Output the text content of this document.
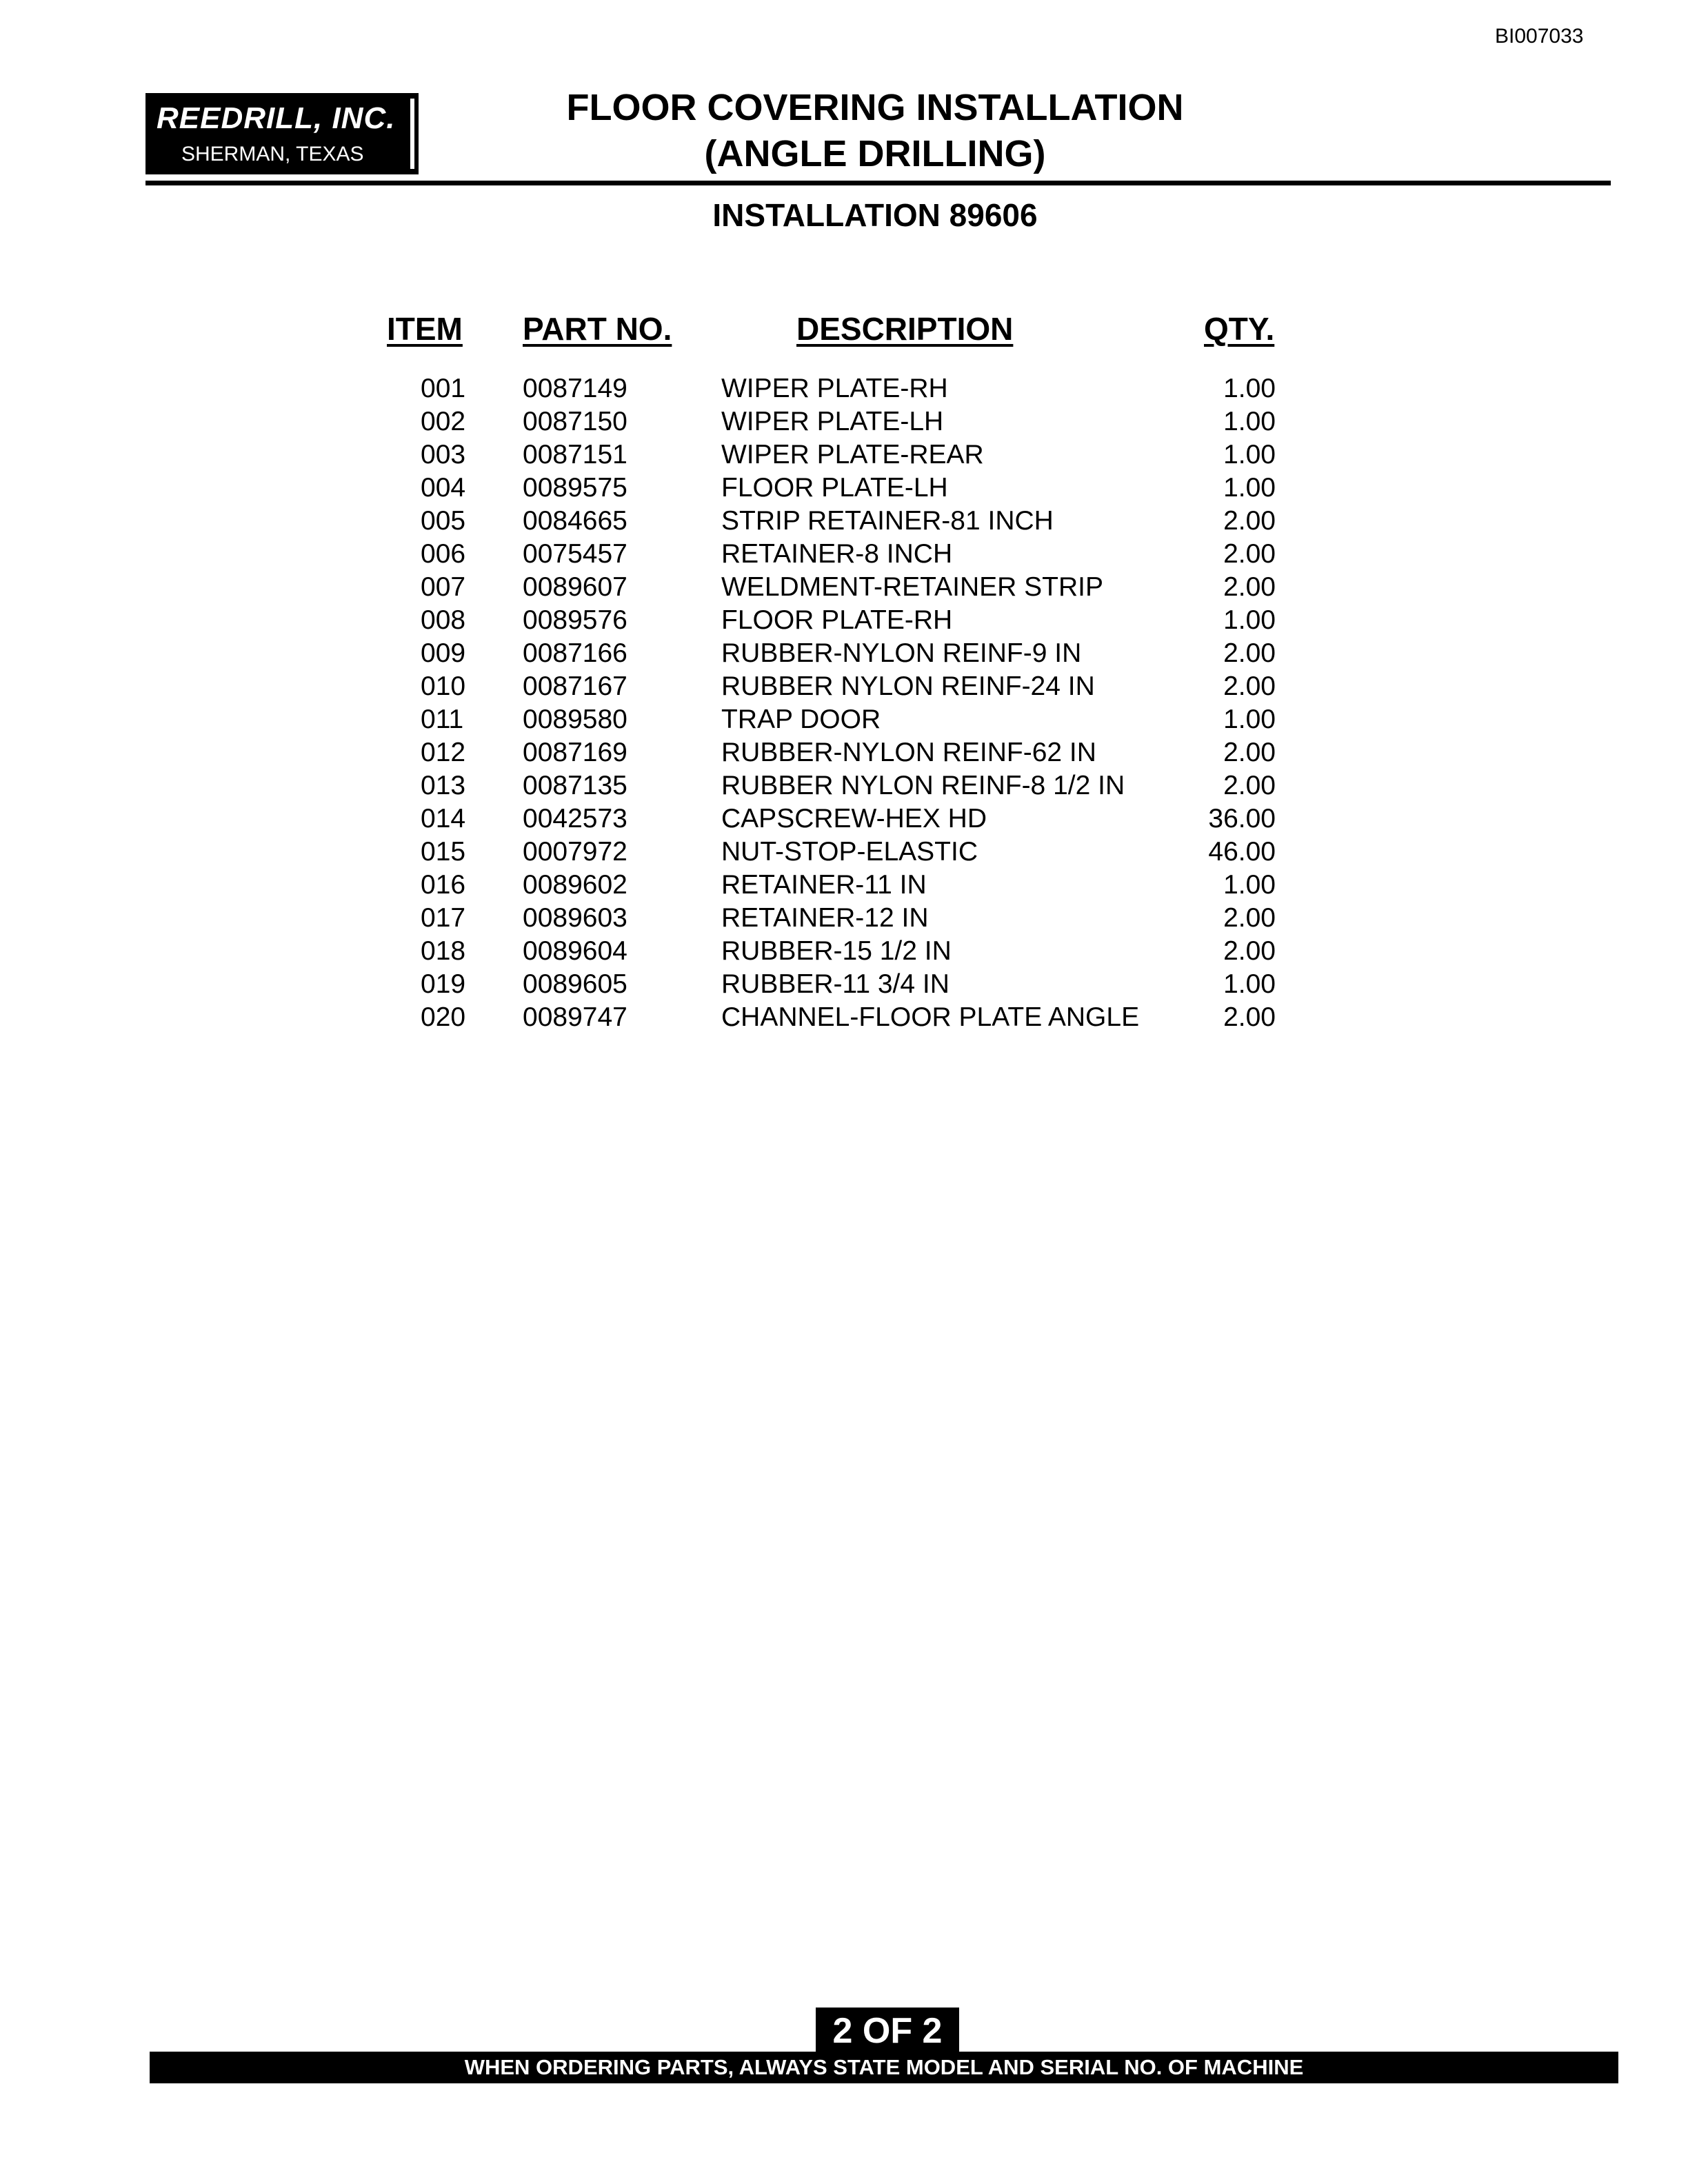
BI007033
REEDRILL, INC.
SHERMAN, TEXAS
FLOOR COVERING INSTALLATION
(ANGLE DRILLING)
INSTALLATION 89606
ITEM PART NO.	DESCRIPTION	QTY.
001 0087149	WIPER PLATE-RH	1.00
002 0087150	WIPER PLATE-LH	1.00
003 0087151	WIPER PLATE-REAR	1.00
004 0089575	FLOOR PLATE-LH	1.00
005 0084665	STRIP RETAINER-81 INCH	2.00
006 0075457	RETAINER-8 INCH	2.00
007 0089607	WELDMENT-RETAINER STRIP	2.00
008 0089576	FLOOR PLATE-RH	1.00
009 0087166	RUBBER-NYLON REINF-9 IN	2.00
010 0087167	RUBBER NYLON REINF-24 IN	2.00
011 0089580	TRAP DOOR	1.00
012 0087169	RUBBER-NYLON REINF-62 IN	2.00
013 0087135	RUBBER NYLON REINF-8 1/2 IN	2.00
014 0042573	CAPSCREW-HEX HD	36.00
015 0007972	NUT-STOP-ELASTIC	46.00
016 0089602	RETAINER-11 IN	1.00
017 0089603	RETAINER-12 IN	2.00
018 0089604	RUBBER-15 1/2 IN	2.00
019 0089605	RUBBER-11 3/4 IN	1.00
020 0089747	CHANNEL-FLOOR PLATE ANGLE	2.00
2 OF 2
WHEN ORDERING PARTS, ALWAYS STATE MODEL AND SERIAL NO. OF MACHINE
